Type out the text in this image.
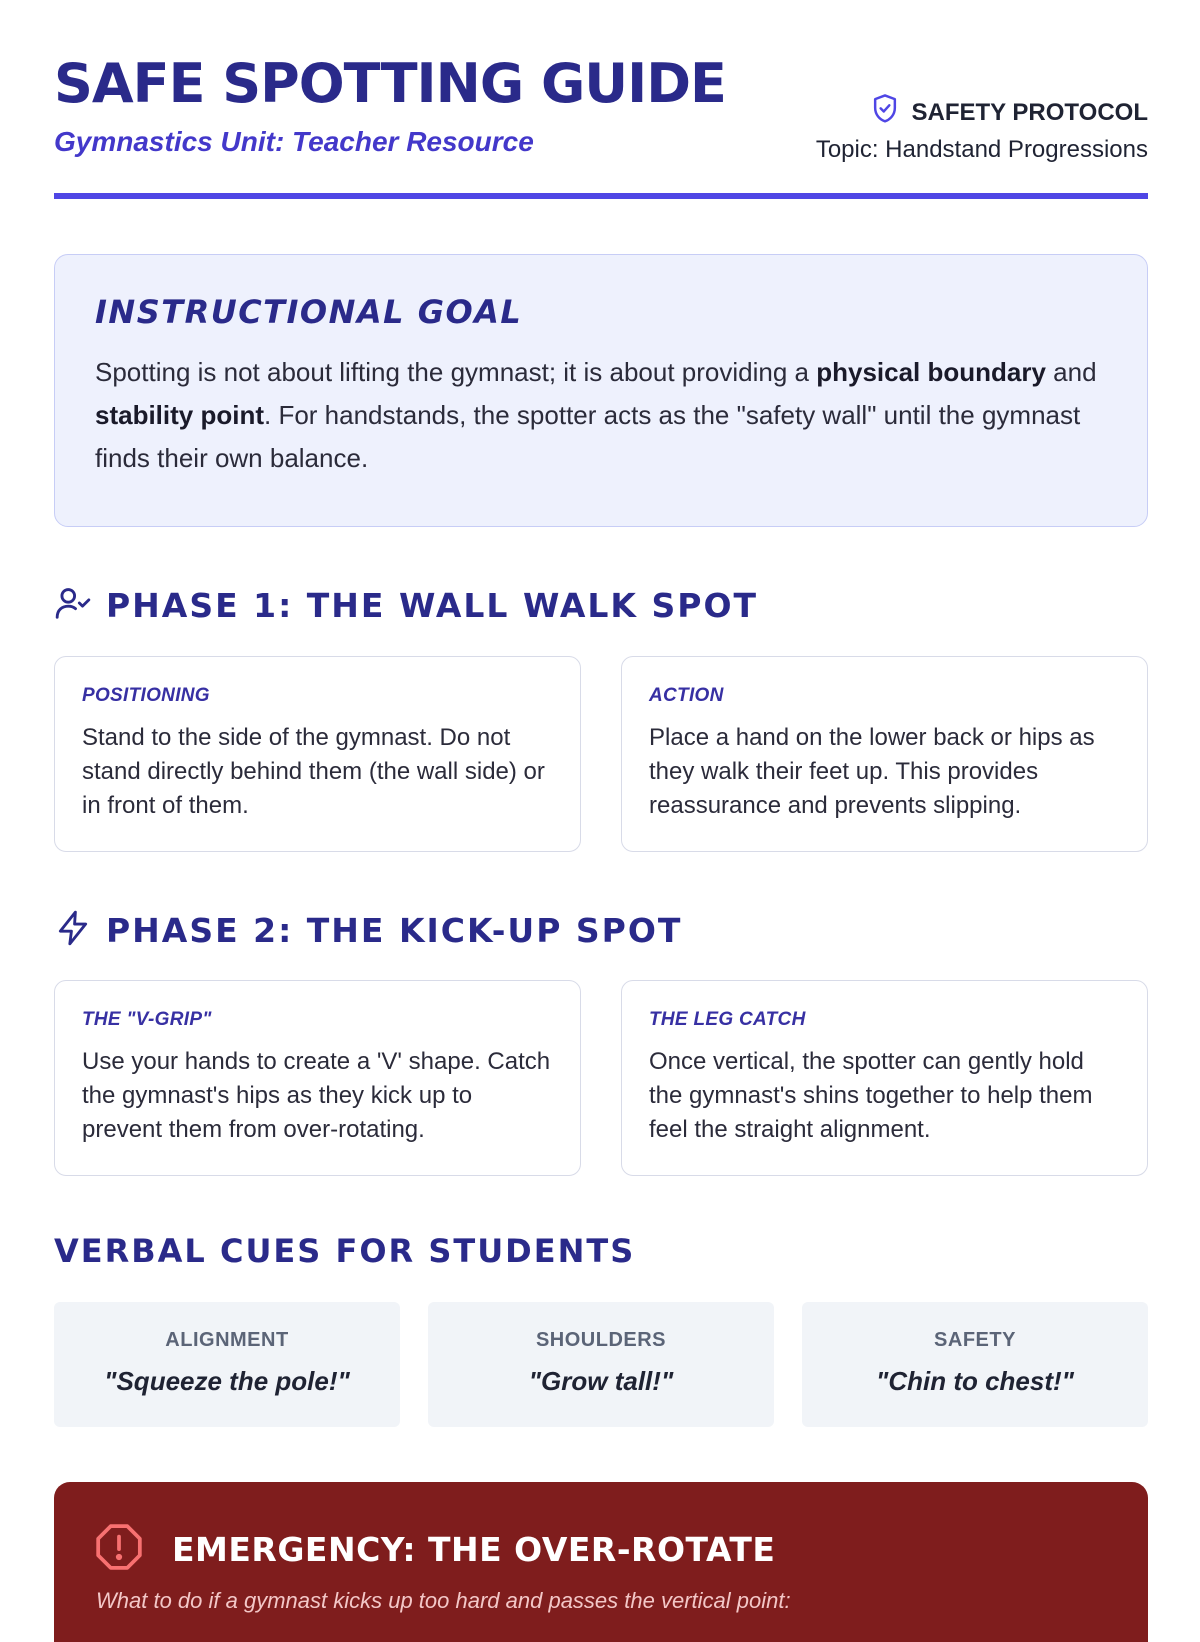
SAFE SPOTTING GUIDE
Gymnastics Unit: Teacher Resource
SAFETY PROTOCOL
Topic: Handstand Progressions
INSTRUCTIONAL GOAL

Spotting is not about lifting the gymnast; it is about providing a physical boundary and stability point. For handstands, the spotter acts as the "safety wall" until the gymnast finds their own balance.

PHASE 1: THE WALL WALK SPOT
POSITIONING
Stand to the side of the gymnast. Do not stand directly behind them (the wall side) or in front of them.
ACTION
Place a hand on the lower back or hips as they walk their feet up. This provides reassurance and prevents slipping.
PHASE 2: THE KICK-UP SPOT
THE "V-GRIP"
Use your hands to create a 'V' shape. Catch the gymnast's hips as they kick up to prevent them from over-rotating.
THE LEG CATCH
Once vertical, the spotter can gently hold the gymnast's shins together to help them feel the straight alignment.
VERBAL CUES FOR STUDENTS
ALIGNMENT
"Squeeze the pole!"
SHOULDERS
"Grow tall!"
SAFETY
"Chin to chest!"
EMERGENCY: THE OVER-ROTATE
What to do if a gymnast kicks up too hard and passes the vertical point:
